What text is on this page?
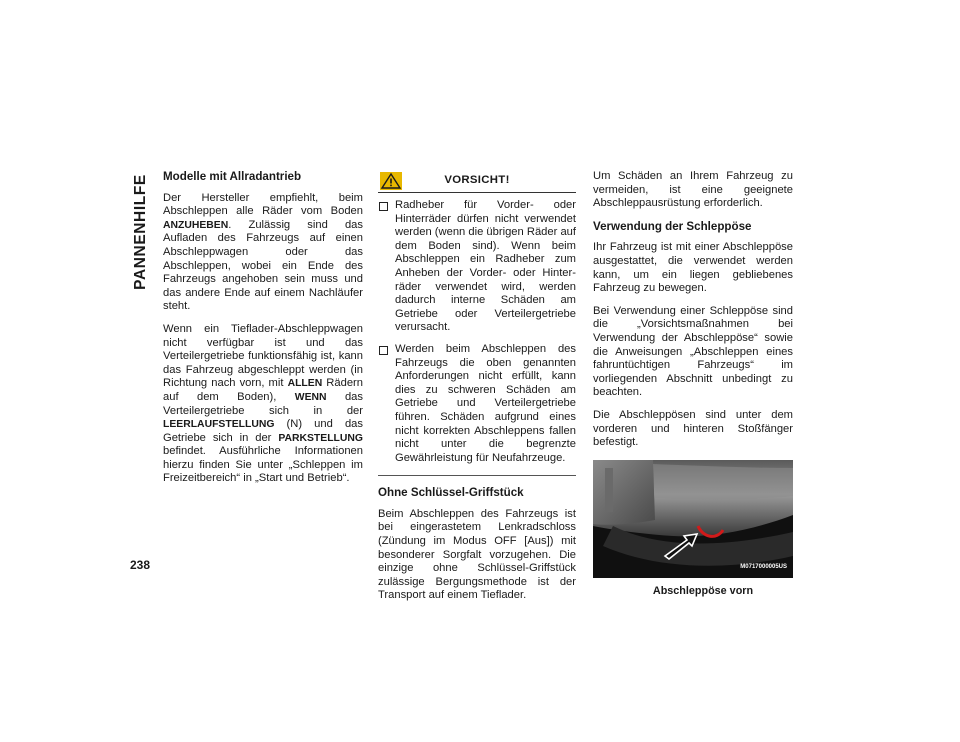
PANNENHILFE
238
Modelle mit Allradantrieb

Der Hersteller empfiehlt, beim Abschleppen alle Räder vom Boden ANZUHEBEN. Zulässig sind das Aufladen des Fahrzeugs auf einen Abschleppwagen oder das Abschleppen, wobei ein Ende des Fahrzeugs angehoben sein muss und das andere Ende auf einem Nachläufer steht.

Wenn ein Tieflader-Abschleppwagen nicht verfügbar ist und das Verteilergetriebe funktionsfähig ist, kann das Fahrzeug abgeschleppt werden (in Richtung nach vorn, mit ALLEN Rädern auf dem Boden), WENN das Verteilergetriebe sich in der LEERLAUFSTELLUNG (N) und das Getriebe sich in der PARKSTELLUNG befindet. Ausführliche Informationen hierzu finden Sie unter „Schleppen im Freizeitbereich“ in „Start und Betrieb“.

VORSICHT!
Radheber für Vorder- oder Hinterräder dürfen nicht verwendet werden (wenn die übrigen Räder auf dem Boden sind). Wenn beim Abschleppen ein Radheber zum Anheben der Vorder- oder Hinterräder verwendet wird, werden dadurch interne Schäden am Getriebe oder Verteilergetriebe verursacht.
Werden beim Abschleppen des Fahrzeugs die oben genannten Anforderungen nicht erfüllt, kann dies zu schweren Schäden am Getriebe und Verteilergetriebe führen. Schäden aufgrund eines nicht korrekten Abschleppens fallen nicht unter die begrenzte Gewährleistung für Neufahrzeuge.
Ohne Schlüssel-Griffstück

Beim Abschleppen des Fahrzeugs ist bei eingerastetem Lenkradschloss (Zündung im Modus OFF [Aus]) mit besonderer Sorgfalt vorzugehen. Die einzige ohne Schlüssel-Griffstück zulässige Bergungsmethode ist der Transport auf einem Tieflader.

Um Schäden an Ihrem Fahrzeug zu vermeiden, ist eine geeignete Abschleppausrüstung erforderlich.

Verwendung der Schleppöse

Ihr Fahrzeug ist mit einer Abschleppöse ausgestattet, die verwendet werden kann, um ein liegen gebliebenes Fahrzeug zu bewegen.

Bei Verwendung einer Schleppöse sind die „Vorsichtsmaßnahmen bei Verwendung der Abschleppöse“ sowie die Anweisungen „Abschleppen eines fahruntüchtigen Fahrzeugs“ im vorliegenden Abschnitt unbedingt zu beachten.

Die Abschleppösen sind unter dem vorderen und hinteren Stoßfänger befestigt.

M0717000005US
Abschleppöse vorn
